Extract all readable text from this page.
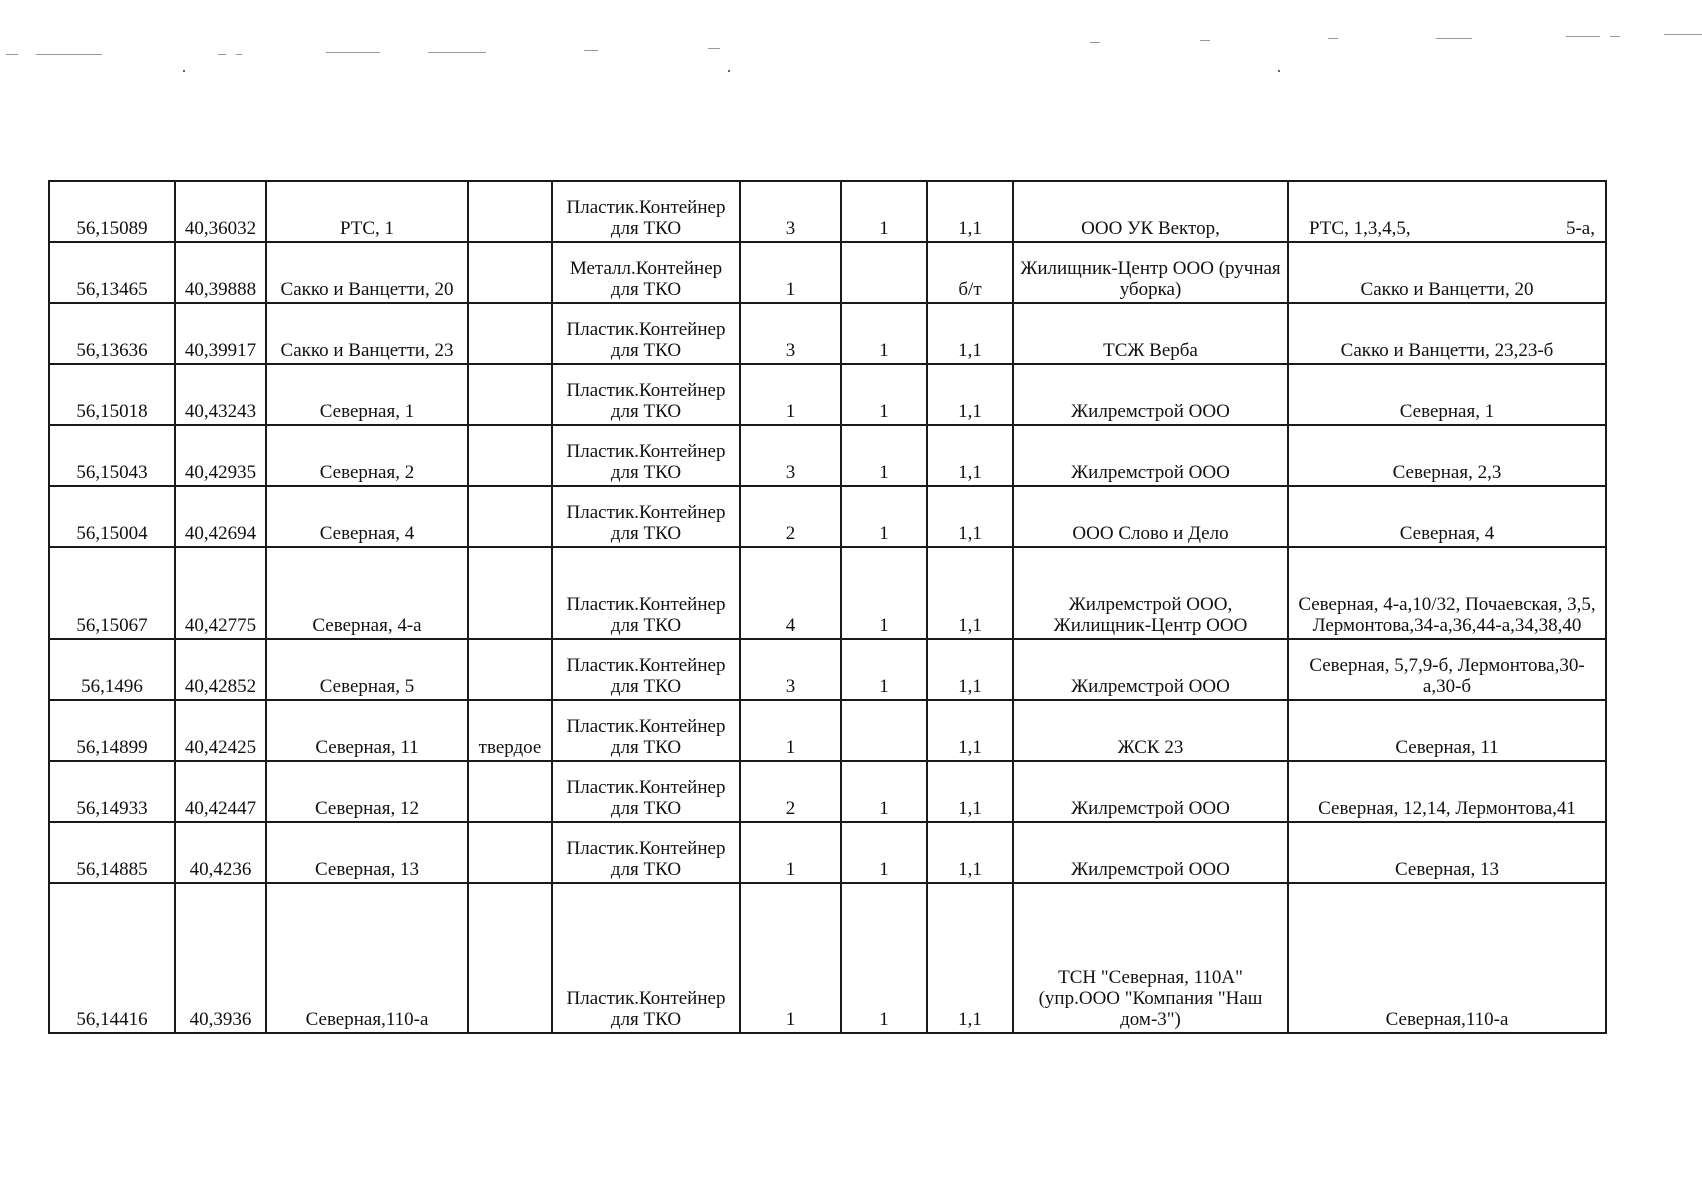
56,15089	40,36032	РТС, 1		Пластик.Контейнер для ТКО	3	1	1,1	ООО УК Вектор,	РТС, 1,3,4,5, 5-а,

56,13465	40,39888	Сакко и Ванцетти, 20		Металл.Контейнер для ТКО	1		б/т	Жилищник-Центр ООО (ручная уборка)	Сакко и Ванцетти, 20
56,13636	40,39917	Сакко и Ванцетти, 23		Пластик.Контейнер для ТКО	3	1	1,1	ТСЖ Верба	Сакко и Ванцетти, 23,23-б
56,15018	40,43243	Северная, 1		Пластик.Контейнер для ТКО	1	1	1,1	Жилремстрой ООО	Северная, 1
56,15043	40,42935	Северная, 2		Пластик.Контейнер для ТКО	3	1	1,1	Жилремстрой ООО	Северная, 2,3
56,15004	40,42694	Северная, 4		Пластик.Контейнер для ТКО	2	1	1,1	ООО Слово и Дело	Северная, 4
56,15067	40,42775	Северная, 4-а		Пластик.Контейнер для ТКО	4	1	1,1	Жилремстрой ООО, Жилищник-Центр ООО	Северная, 4-а,10/32, Почаевская, 3,5, Лермонтова,34-а,36,44-а,34,38,40
56,1496	40,42852	Северная, 5		Пластик.Контейнер для ТКО	3	1	1,1	Жилремстрой ООО	Северная, 5,7,9-б, Лермонтова,30-а,30-б
56,14899	40,42425	Северная, 11	твердое	Пластик.Контейнер для ТКО	1		1,1	ЖСК 23	Северная, 11
56,14933	40,42447	Северная, 12		Пластик.Контейнер для ТКО	2	1	1,1	Жилремстрой ООО	Северная, 12,14, Лермонтова,41
56,14885	40,4236	Северная, 13		Пластик.Контейнер для ТКО	1	1	1,1	Жилремстрой ООО	Северная, 13
56,14416	40,3936	Северная,110-а		Пластик.Контейнер для ТКО	1	1	1,1	ТСН "Северная, 110А" (упр.ООО "Компания "Наш дом-3")	Северная,110-а
